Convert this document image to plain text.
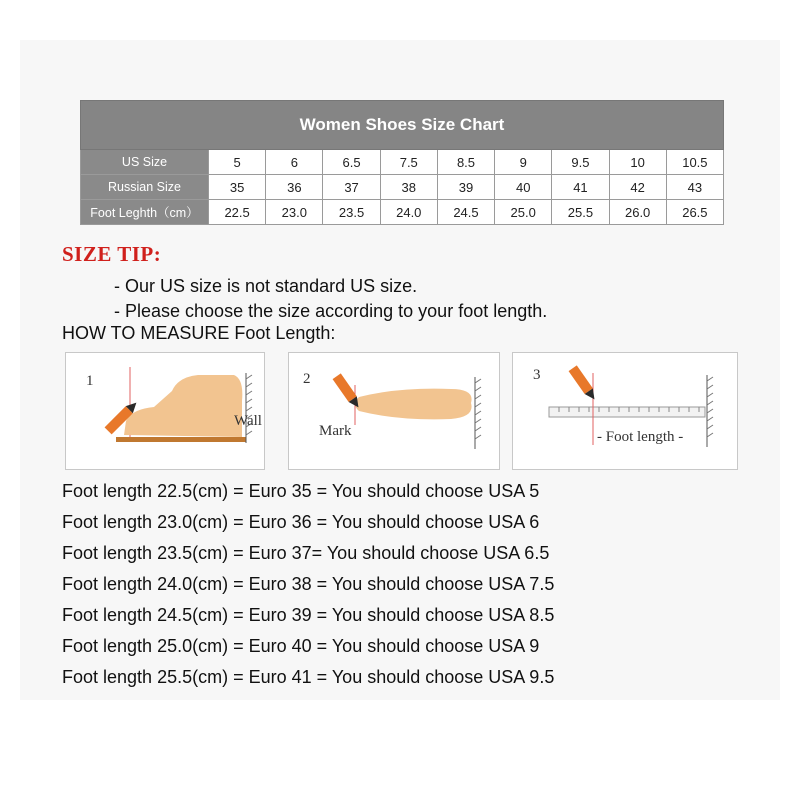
Women Shoes Size Chart									
US Size	5	6	6.5	7.5	8.5	9	9.5	10	10.5
Russian Size	35	36	37	38	39	40	41	42	43
Foot Leghth（cm）	22.5	23.0	23.5	24.0	24.5	25.0	25.5	26.0	26.5
SIZE TIP:
- Our US size is not standard US size.
- Please choose the size according to your foot length.
HOW TO MEASURE Foot Length:
1
Wall
2
Mark
3
- Foot length -
Foot length 22.5(cm) = Euro 35 = You should choose USA 5
Foot length 23.0(cm) = Euro 36 = You should choose USA 6
Foot length 23.5(cm) = Euro 37= You should choose USA 6.5
Foot length 24.0(cm) = Euro 38 = You should choose USA 7.5
Foot length 24.5(cm) = Euro 39 = You should choose USA 8.5
Foot length 25.0(cm) = Euro 40 = You should choose USA 9
Foot length 25.5(cm) = Euro 41 = You should choose USA 9.5
